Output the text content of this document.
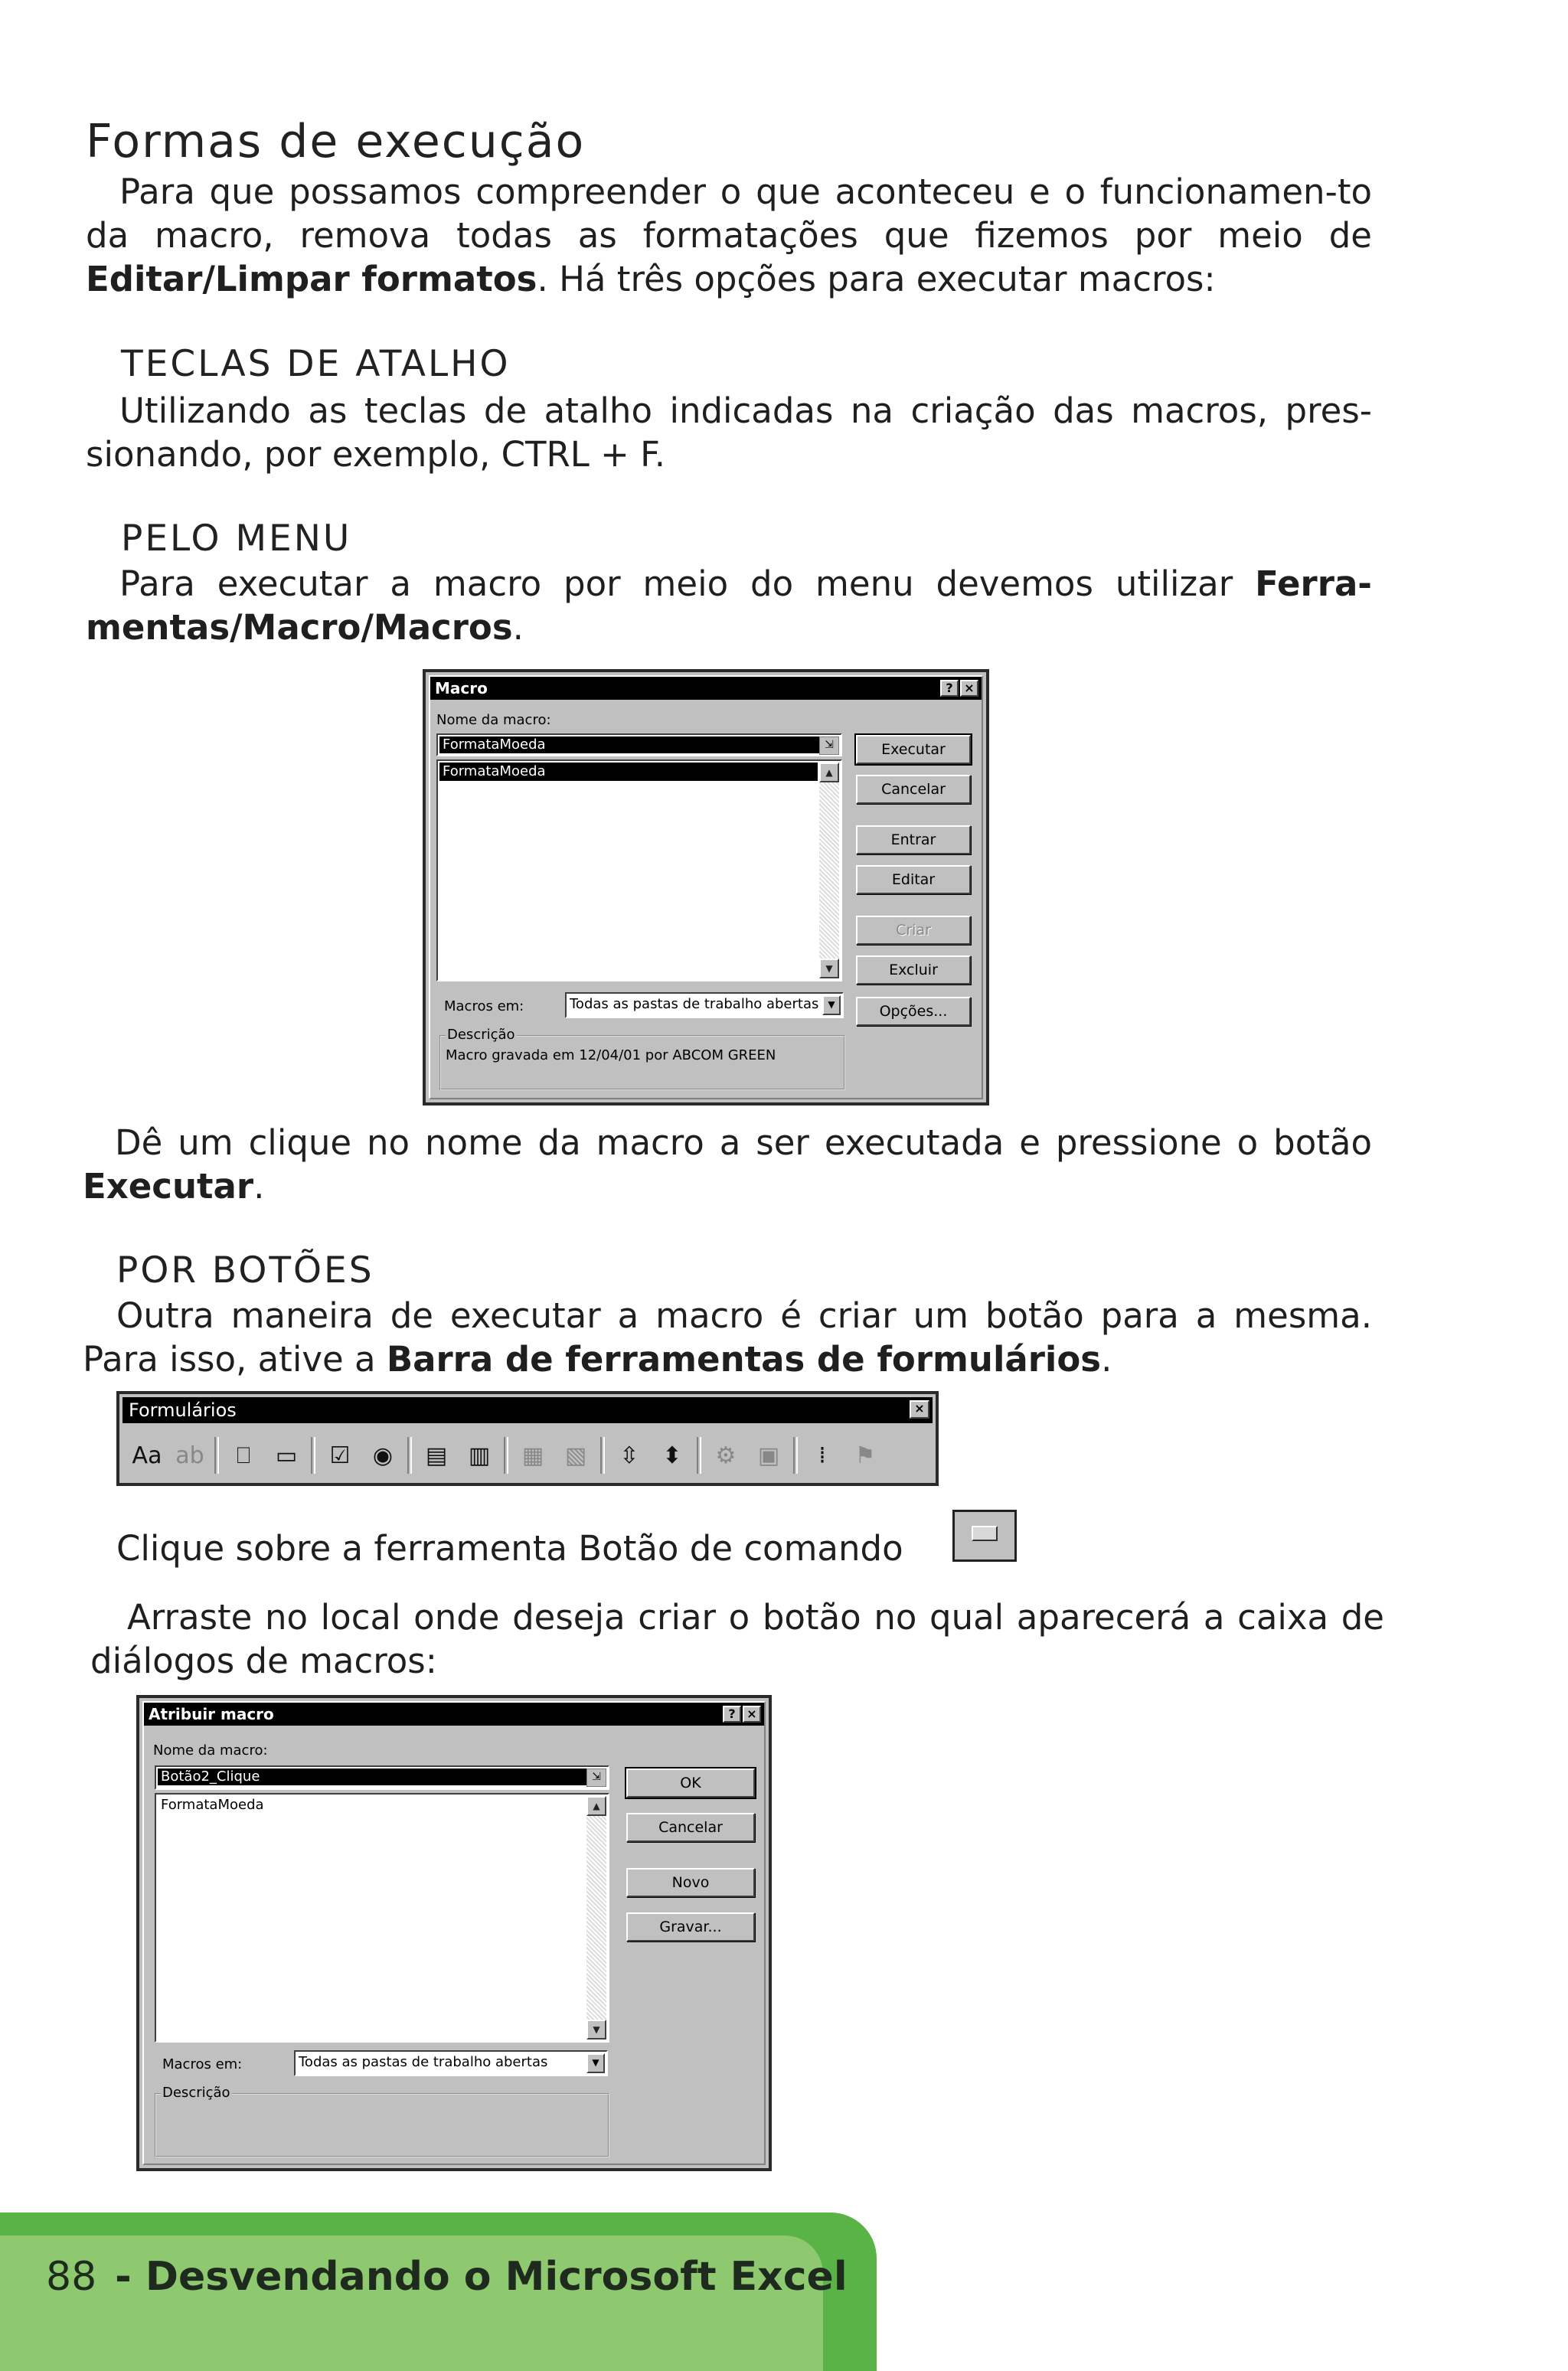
Formas de execução

Para que possamos compreender o que aconteceu e o funcionamen-to da macro, remova todas as formatações que fizemos por meio de Editar/Limpar formatos. Há três opções para executar macros:

TECLAS DE ATALHO

Utilizando as teclas de atalho indicadas na criação das macros, pres-sionando, por exemplo, CTRL + F.

PELO MENU

Para executar a macro por meio do menu devemos utilizar Ferra-mentas/Macro/Macros.

Macro	? ×
Nome da macro:
FormataMoeda	⇲
FormataMoeda	▲
▼
Executar
Cancelar
Entrar
Editar
Criar
Excluir
Opções...
Macros em:	Todas as pastas de trabalho abertas	▼
Descrição
Macro gravada em 12/04/01 por ABCOM GREEN

Dê um clique no nome da macro a ser executada e pressione o botão Executar.

POR BOTÕES

Outra maneira de executar a macro é criar um botão para a mesma. Para isso, ative a Barra de ferramentas de formulários.

Formulários	×
Aa ab	⎕	▭	☑ ◉	▤ ▥	▦ ▧	⇳	⬍	⚙ ▣	⁞	⚑

Clique sobre a ferramenta Botão de comando

Arraste no local onde deseja criar o botão no qual aparecerá a caixa de diálogos de macros:

Atribuir macro	? ×
Nome da macro:
Botão2_Clique	⇲
FormataMoeda	▲
▼
OK
Cancelar
Novo
Gravar...
Macros em:	Todas as pastas de trabalho abertas	▼
Descrição
88 - Desvendando o Microsoft Excel
